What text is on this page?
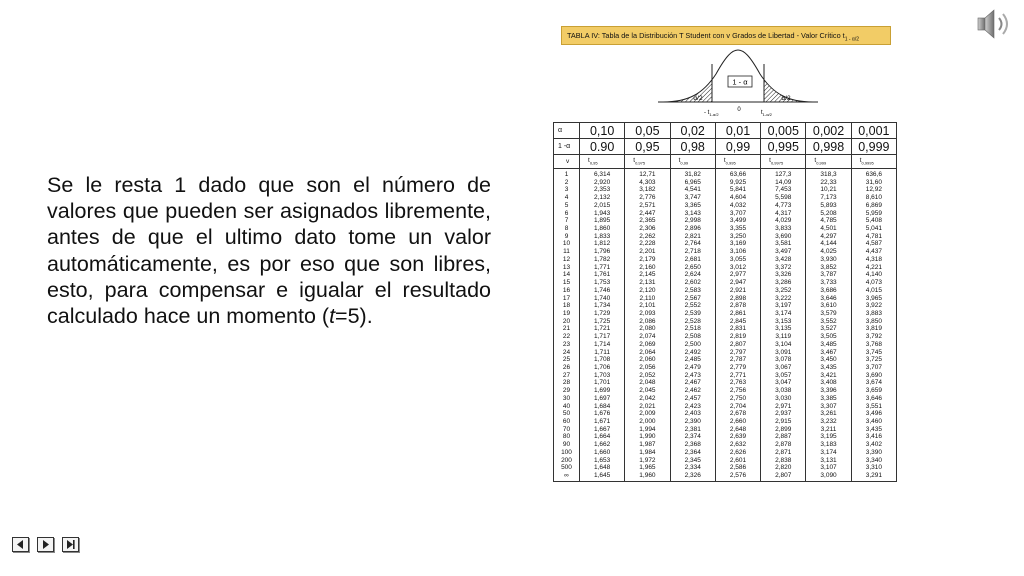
Se le resta 1 dado que son el número de valores que pueden ser asignados libremente, antes de que el ultimo dato tome un valor automáticamente, es por eso que son libres, esto, para compensar e igualar el resultado calculado hace un momento (t=5).
TABLA IV: Tabla de la Distribución T Student con v Grados de Libertad - Valor Crítico $t_{1 - \alpha/2}$
1 - α
α/2	α/2
- $t_{1-\alpha/2}$
0	$t_{1-\alpha/2}$
α	0,10	0,05	0,02	0,01	0,005	0,002	0,001
1 -α	0.90	0,95	0,98	0,99	0,995	0,998	0,999
v	$t_{0,95}$	$t_{0,975}$	$t_{0,99}$	$t_{0,995}$	$t_{0,9975}$	$t_{0,999}$	$t_{0,9995}$
1	6,314	12,71	31,82	63,66	127,3	318,3	636,6
2	2,920	4,303	6,965	9,925	14,09	22,33	31,60
3	2,353	3,182	4,541	5,841	7,453	10,21	12,92
4	2,132	2,776	3,747	4,604	5,598	7,173	8,610
5	2,015	2,571	3,365	4,032	4,773	5,893	6,869
6	1,943	2,447	3,143	3,707	4,317	5,208	5,959
7	1,895	2,365	2,998	3,499	4,029	4,785	5,408
8	1,860	2,306	2,896	3,355	3,833	4,501	5,041
9	1,833	2,262	2,821	3,250	3,690	4,297	4,781
10	1,812	2,228	2,764	3,169	3,581	4,144	4,587
11	1,796	2,201	2,718	3,106	3,497	4,025	4,437
12	1,782	2,179	2,681	3,055	3,428	3,930	4,318
13	1,771	2,160	2,650	3,012	3,372	3,852	4,221
14	1,761	2,145	2,624	2,977	3,326	3,787	4,140
15	1,753	2,131	2,602	2,947	3,286	3,733	4,073
16	1,746	2,120	2,583	2,921	3,252	3,686	4,015
17	1,740	2,110	2,567	2,898	3,222	3,646	3,965
18	1,734	2,101	2,552	2,878	3,197	3,610	3,922
19	1,729	2,093	2,539	2,861	3,174	3,579	3,883
20	1,725	2,086	2,528	2,845	3,153	3,552	3,850
21	1,721	2,080	2,518	2,831	3,135	3,527	3,819
22	1,717	2,074	2,508	2,819	3,119	3,505	3,792
23	1,714	2,069	2,500	2,807	3,104	3,485	3,768
24	1,711	2,064	2,492	2,797	3,091	3,467	3,745
25	1,708	2,060	2,485	2,787	3,078	3,450	3,725
26	1,706	2,056	2,479	2,779	3,067	3,435	3,707
27	1,703	2,052	2,473	2,771	3,057	3,421	3,690
28	1,701	2,048	2,467	2,763	3,047	3,408	3,674
29	1,699	2,045	2,462	2,756	3,038	3,396	3,659
30	1,697	2,042	2,457	2,750	3,030	3,385	3,646
40	1,684	2,021	2,423	2,704	2,971	3,307	3,551
50	1,676	2,009	2,403	2,678	2,937	3,261	3,496
60	1,671	2,000	2,390	2,660	2,915	3,232	3,460
70	1,667	1,994	2,381	2,648	2,899	3,211	3,435
80	1,664	1,990	2,374	2,639	2,887	3,195	3,416
90	1,662	1,987	2,368	2,632	2,878	3,183	3,402
100	1,660	1,984	2,364	2,626	2,871	3,174	3,390
200	1,653	1,972	2,345	2,601	2,838	3,131	3,340
500	1,648	1,965	2,334	2,586	2,820	3,107	3,310
∞	1,645	1,960	2,326	2,576	2,807	3,090	3,291
